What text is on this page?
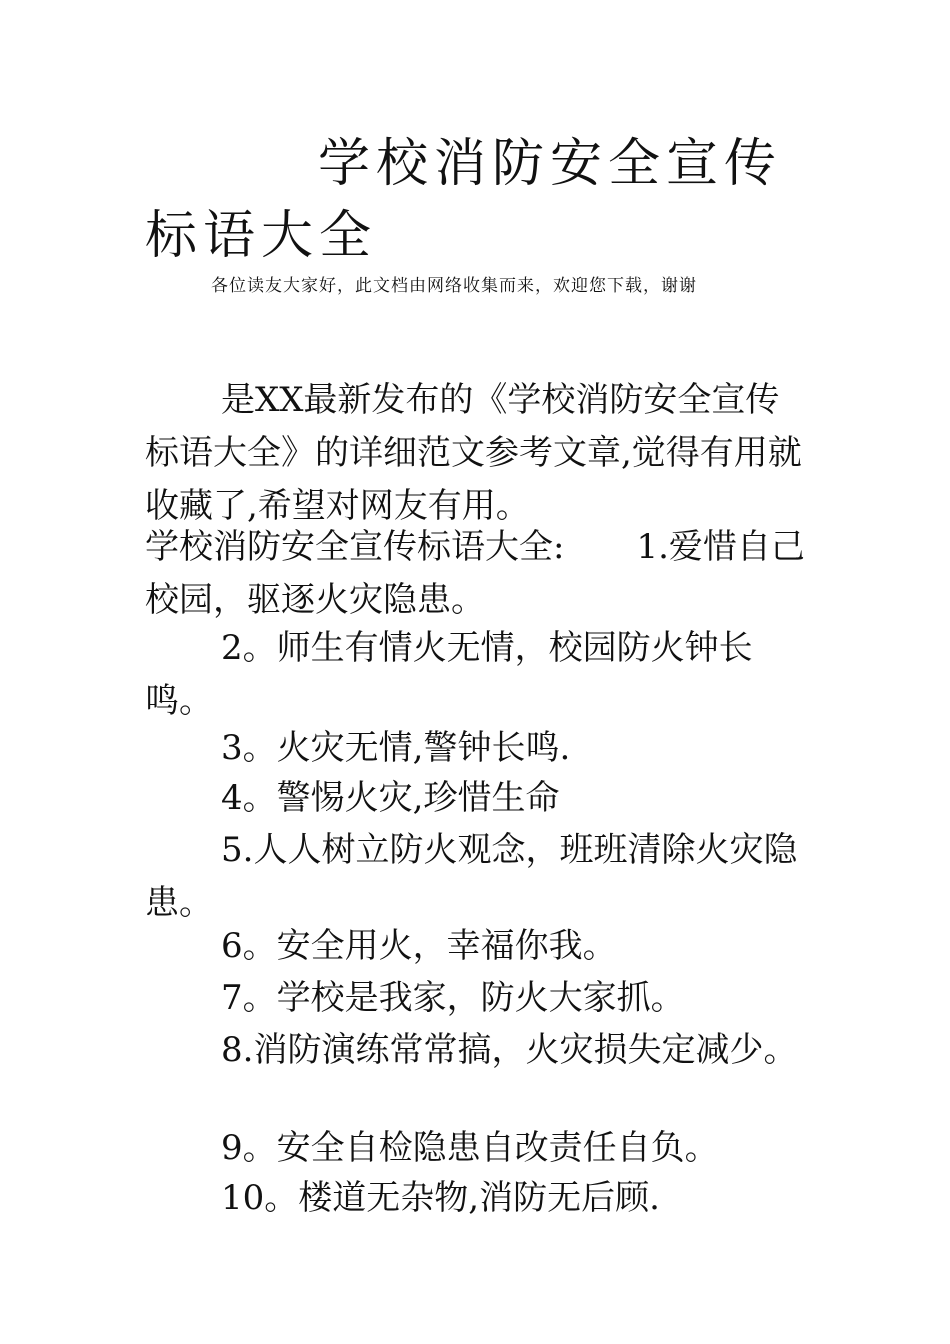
学校消防安全宣传标语大全

各位读友大家好，此文档由网络收集而来，欢迎您下载，谢谢

是XX最新发布的《学校消防安全宣传标语大全》的详细范文参考文章,觉得有用就收藏了,希望对网友有用。

学校消防安全宣传标语大全: 1.爱惜自己校园，驱逐火灾隐患。

2。师生有情火无情，校园防火钟长鸣。

3。火灾无情,警钟长鸣.

4。警惕火灾,珍惜生命

5.人人树立防火观念，班班清除火灾隐患。

6。安全用火，幸福你我。

7。学校是我家，防火大家抓。

8.消防演练常常搞，火灾损失定减少。

9。安全自检隐患自改责任自负。

10。楼道无杂物,消防无后顾.
